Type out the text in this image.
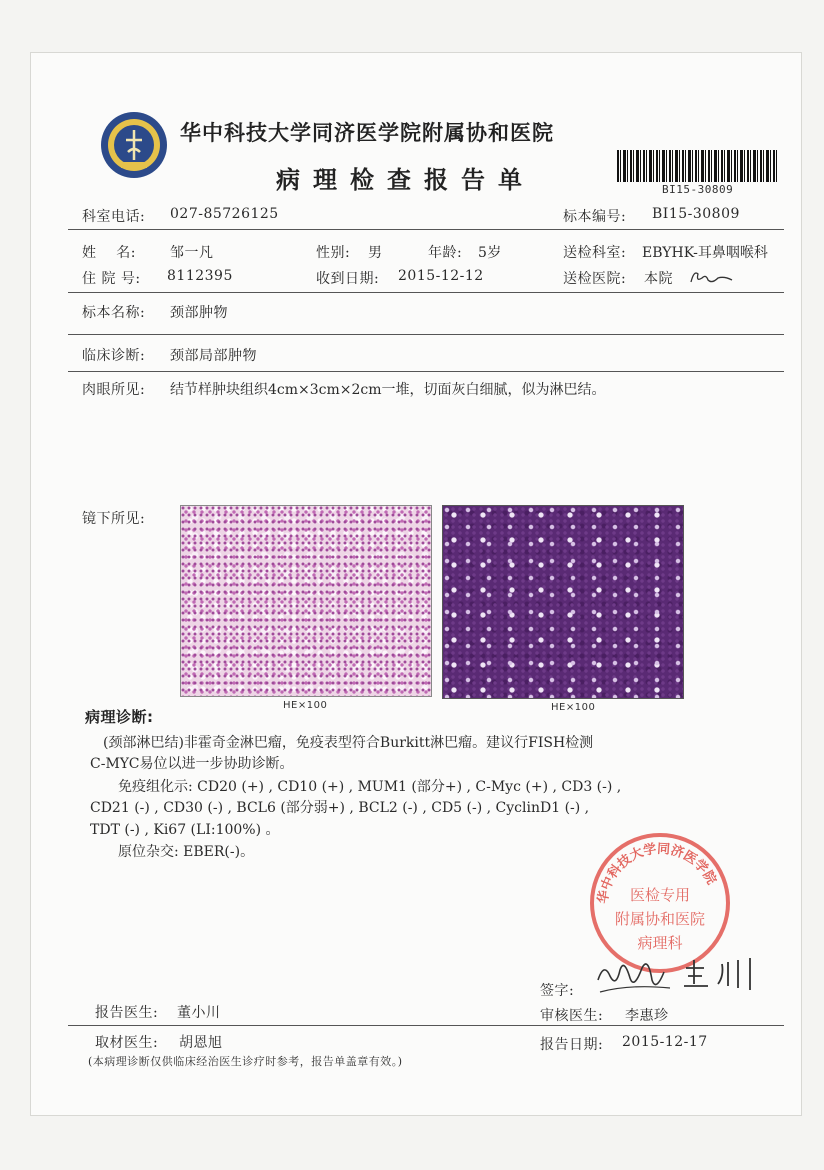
华中科技大学同济医学院附属协和医院
病理检查报告单	BI15-30809
科室电话: 027-85726125	标本编号: BI15-30809
姓    名: 邹一凡	性别: 男	年龄: 5岁	送检科室: EBYHK-耳鼻咽喉科
住 院 号: 8112395	收到日期: 2015-12-12	送检医院: 本院
标本名称: 颈部肿物
临床诊断: 颈部局部肿物
肉眼所见: 结节样肿块组织4cm×3cm×2cm一堆，切面灰白细腻，似为淋巴结。
镜下所见:
HE×100	HE×100
病理诊断:
(颈部淋巴结)非霍奇金淋巴瘤，免疫表型符合Burkitt淋巴瘤。建议行FISH检测
C-MYC易位以进一步协助诊断。
免疫组化示: CD20 (+) , CD10 (+) , MUM1 (部分+) , C-Myc (+) , CD3 (-) ,
CD21 (-) , CD30 (-) , BCL6 (部分弱+) , BCL2 (-) , CD5 (-) , CyclinD1 (-) ,
TDT (-) , Ki67 (LI:100%) 。
原位杂交: EBER(-)。
华中科技大学同济医学院
医检专用
附属协和医院
病理科
签字:
报告医生: 董小川	审核医生: 李惠珍
取材医生: 胡恩旭	报告日期: 2015-12-17
(本病理诊断仅供临床经治医生诊疗时参考，报告单盖章有效。)
